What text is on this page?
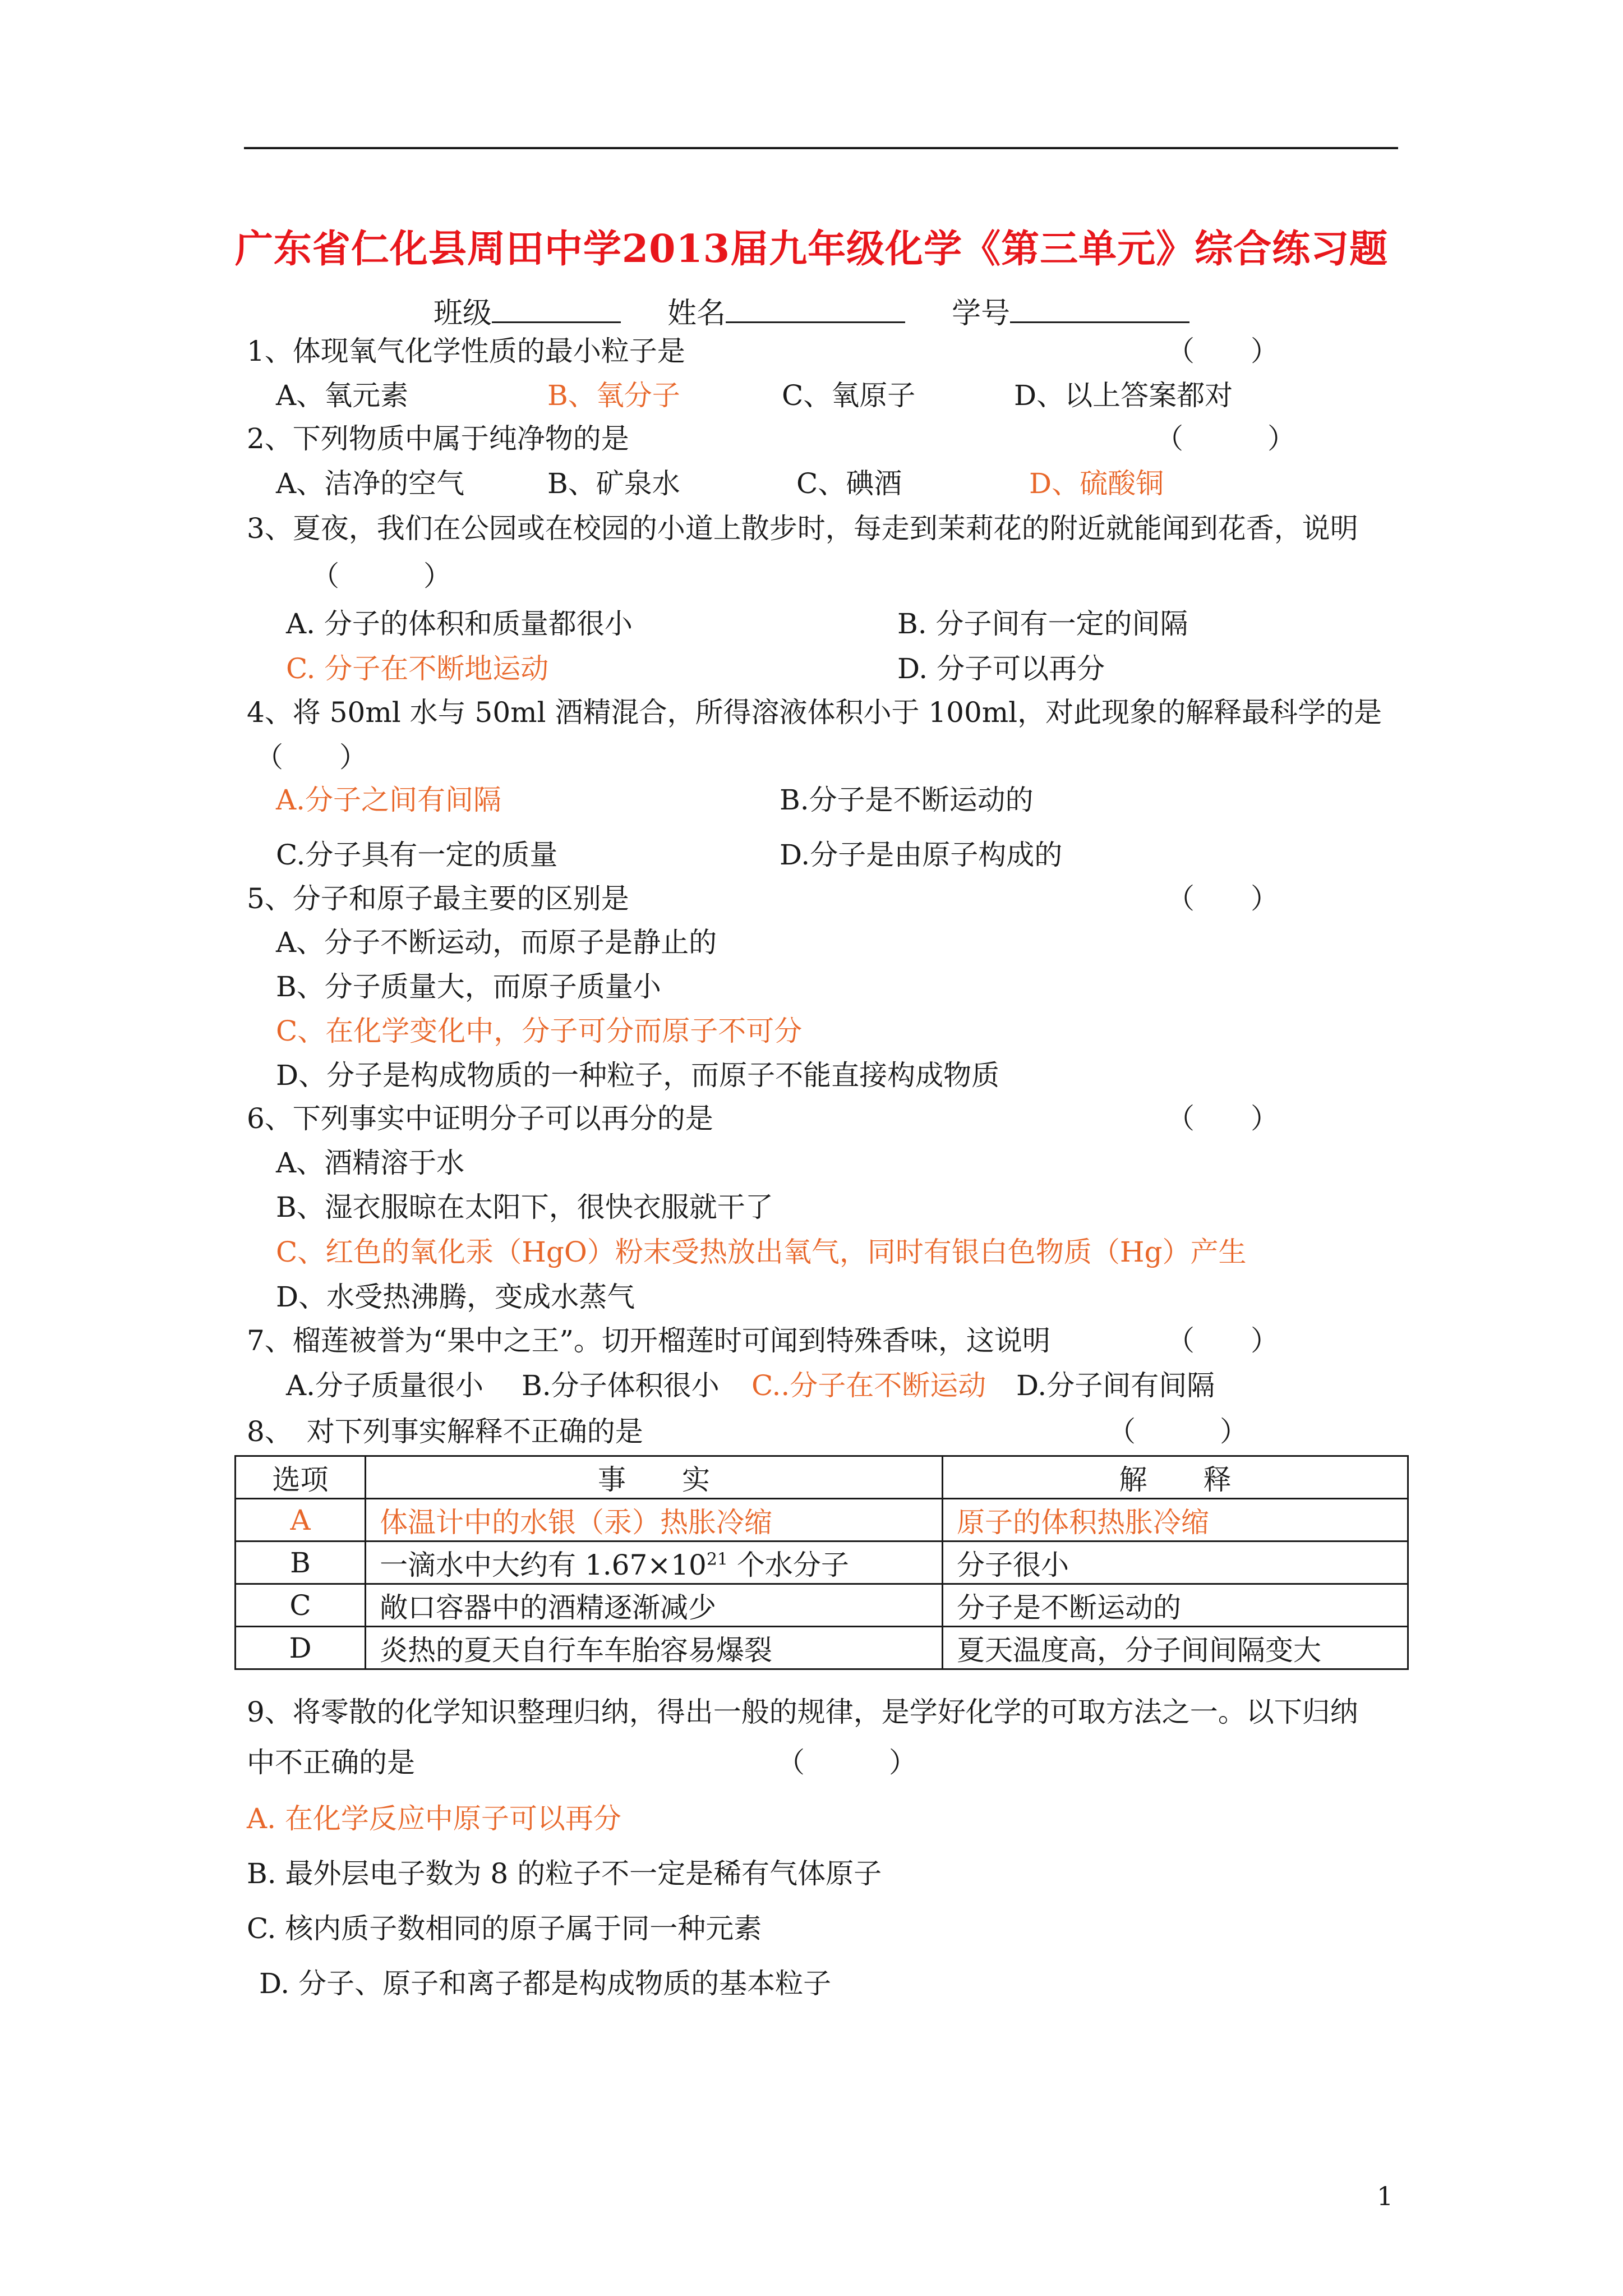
广东省仁化县周田中学2013届九年级化学《第三单元》综合练习题
班级	姓名	学号
1、体现氧气化学性质的最小粒子是	（　　）
A、氧元素	B、氧分子	C、氧原子	D、以上答案都对
2、下列物质中属于纯净物的是	（　　　）
A、洁净的空气	B、矿泉水	C、碘酒	D、硫酸铜
3、夏夜，我们在公园或在校园的小道上散步时，每走到茉莉花的附近就能闻到花香，说明
（　　　）
A. 分子的体积和质量都很小	B. 分子间有一定的间隔
C. 分子在不断地运动	D. 分子可以再分
4、将 50ml 水与 50ml 酒精混合，所得溶液体积小于 100ml，对此现象的解释最科学的是
（　　）
A.分子之间有间隔	B.分子是不断运动的
C.分子具有一定的质量	D.分子是由原子构成的
5、分子和原子最主要的区别是	（　　）
A、分子不断运动，而原子是静止的
B、分子质量大，而原子质量小
C、在化学变化中，分子可分而原子不可分
D、分子是构成物质的一种粒子，而原子不能直接构成物质
6、下列事实中证明分子可以再分的是	（　　）
A、酒精溶于水
B、湿衣服晾在太阳下，很快衣服就干了
C、红色的氧化汞（HgO）粉末受热放出氧气，同时有银白色物质（Hg）产生
D、水受热沸腾，变成水蒸气
7、榴莲被誉为“果中之王”。切开榴莲时可闻到特殊香味，这说明	（　　）
A.分子质量很小 B.分子体积很小 C..分子在不断运动 D.分子间有间隔
8、　对下列事实解释不正确的是	（　　　）
选项	事　　实	解　　释
A	体温计中的水银（汞）热胀冷缩	原子的体积热胀冷缩
B	一滴水中大约有 $1.67\times 10^{21}$ 个水分子	分子很小
C	敞口容器中的酒精逐渐减少	分子是不断运动的
D	炎热的夏天自行车车胎容易爆裂	夏天温度高，分子间间隔变大
9、将零散的化学知识整理归纳，得出一般的规律，是学好化学的可取方法之一。以下归纳
中不正确的是	（　　　）
A. 在化学反应中原子可以再分
B. 最外层电子数为 8 的粒子不一定是稀有气体原子
C. 核内质子数相同的原子属于同一种元素
D. 分子、原子和离子都是构成物质的基本粒子
1
